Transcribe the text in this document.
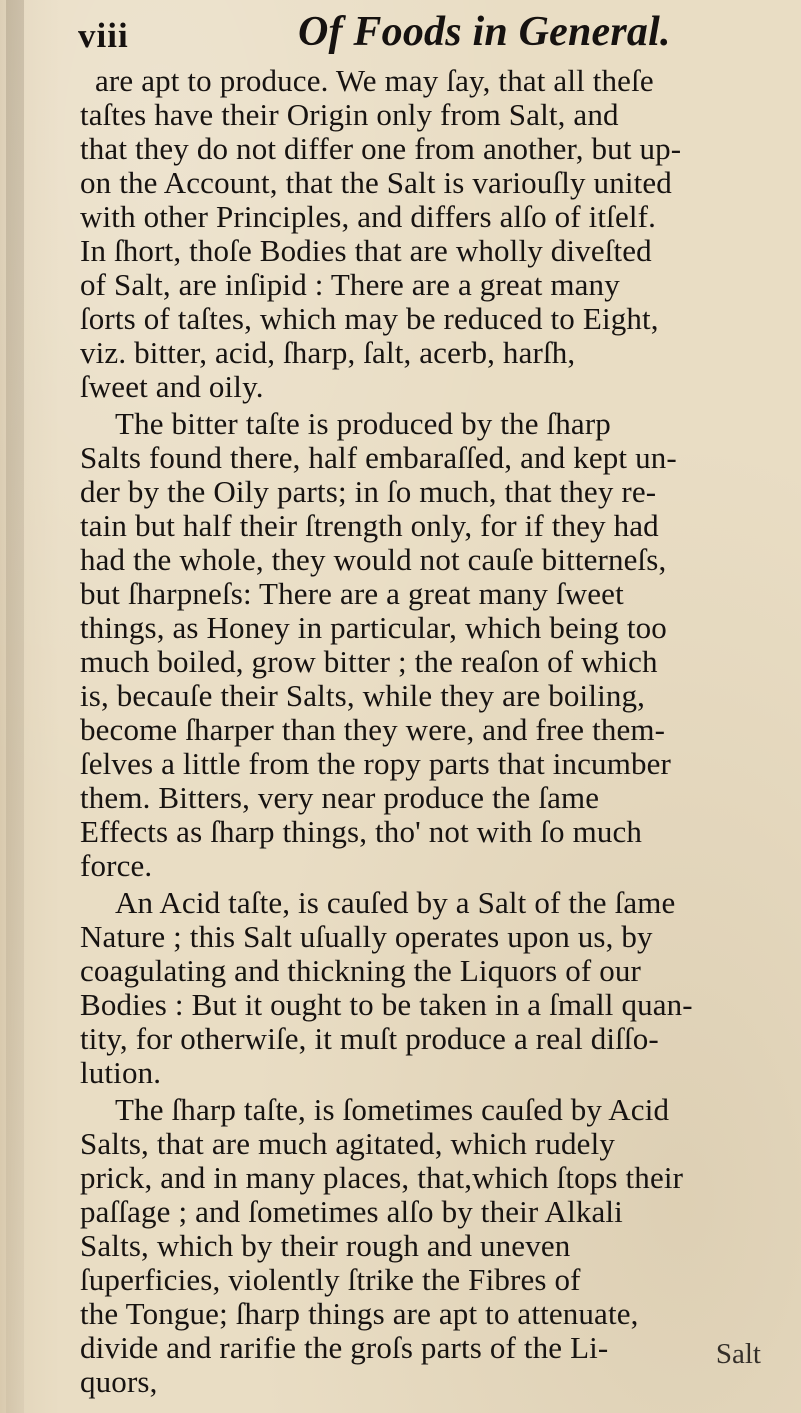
viii	Of Foods in General.
are apt to produce. We may ſay, that all theſe
taſtes have their Origin only from Salt, and
that they do not differ one from another, but up-
on the Account, that the Salt is variouſly united
with other Principles, and differs alſo of itſelf.
In ſhort, thoſe Bodies that are wholly diveſted
of Salt, are inſipid : There are a great many
ſorts of taſtes, which may be reduced to Eight,
viz. bitter, acid, ſharp, ſalt, acerb, harſh,
ſweet and oily.
The bitter taſte is produced by the ſharp
Salts found there, half embaraſſed, and kept un-
der by the Oily parts; in ſo much, that they re-
tain but half their ſtrength only, for if they had
had the whole, they would not cauſe bitterneſs,
but ſharpneſs: There are a great many ſweet
things, as Honey in particular, which being too
much boiled, grow bitter ; the reaſon of which
is, becauſe their Salts, while they are boiling,
become ſharper than they were, and free them-
ſelves a little from the ropy parts that incumber
them. Bitters, very near produce the ſame
Effects as ſharp things, tho' not with ſo much
force.
An Acid taſte, is cauſed by a Salt of the ſame
Nature ; this Salt uſually operates upon us, by
coagulating and thickning the Liquors of our
Bodies : But it ought to be taken in a ſmall quan-
tity, for otherwiſe, it muſt produce a real diſſo-
lution.
The ſharp taſte, is ſometimes cauſed by Acid
Salts, that are much agitated, which rudely
prick, and in many places, that,which ſtops their
paſſage ; and ſometimes alſo by their Alkali
Salts, which by their rough and uneven
ſuperficies, violently ſtrike the Fibres of
the Tongue; ſharp things are apt to attenuate,
divide and rarifie the groſs parts of the Li-
quors,
Salt
